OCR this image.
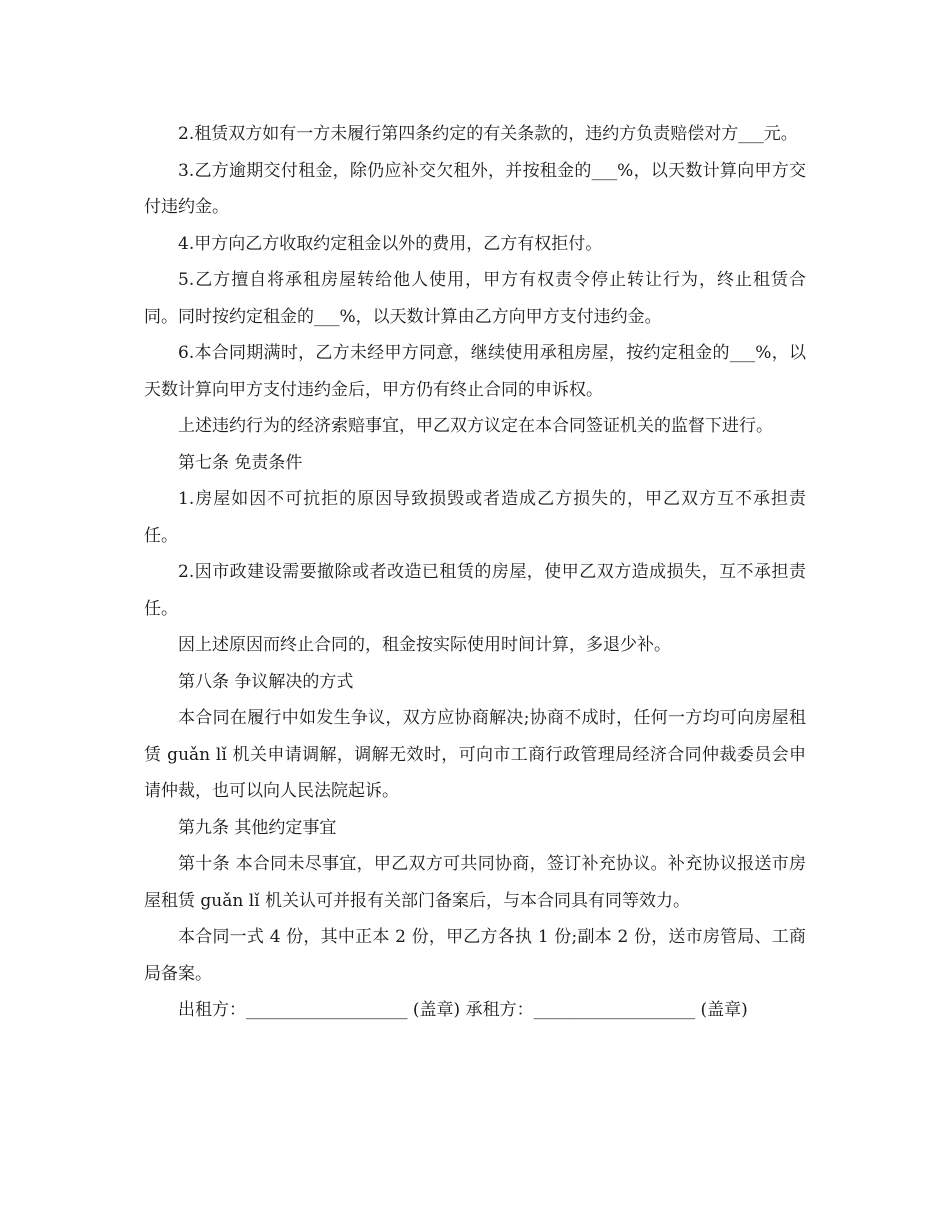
2.租赁双方如有一方未履行第四条约定的有关条款的，违约方负责赔偿对方___元。

3.乙方逾期交付租金，除仍应补交欠租外，并按租金的___%，以天数计算向甲方交付违约金。

4.甲方向乙方收取约定租金以外的费用，乙方有权拒付。

5.乙方擅自将承租房屋转给他人使用，甲方有权责令停止转让行为，终止租赁合同。同时按约定租金的___%，以天数计算由乙方向甲方支付违约金。

6.本合同期满时，乙方未经甲方同意，继续使用承租房屋，按约定租金的___%，以天数计算向甲方支付违约金后，甲方仍有终止合同的申诉权。

上述违约行为的经济索赔事宜，甲乙双方议定在本合同签证机关的监督下进行。

第七条 免责条件

1.房屋如因不可抗拒的原因导致损毁或者造成乙方损失的，甲乙双方互不承担责任。

2.因市政建设需要撤除或者改造已租赁的房屋，使甲乙双方造成损失，互不承担责任。

因上述原因而终止合同的，租金按实际使用时间计算，多退少补。

第八条 争议解决的方式

本合同在履行中如发生争议，双方应协商解决;协商不成时，任何一方均可向房屋租赁 guǎn lǐ 机关申请调解，调解无效时，可向市工商行政管理局经济合同仲裁委员会申请仲裁，也可以向人民法院起诉。

第九条 其他约定事宜

第十条 本合同未尽事宜，甲乙双方可共同协商，签订补充协议。补充协议报送市房屋租赁 guǎn lǐ 机关认可并报有关部门备案后，与本合同具有同等效力。

本合同一式 4 份，其中正本 2 份，甲乙方各执 1 份;副本 2 份，送市房管局、工商局备案。

出租方：___________________ (盖章) 承租方：___________________ (盖章)
